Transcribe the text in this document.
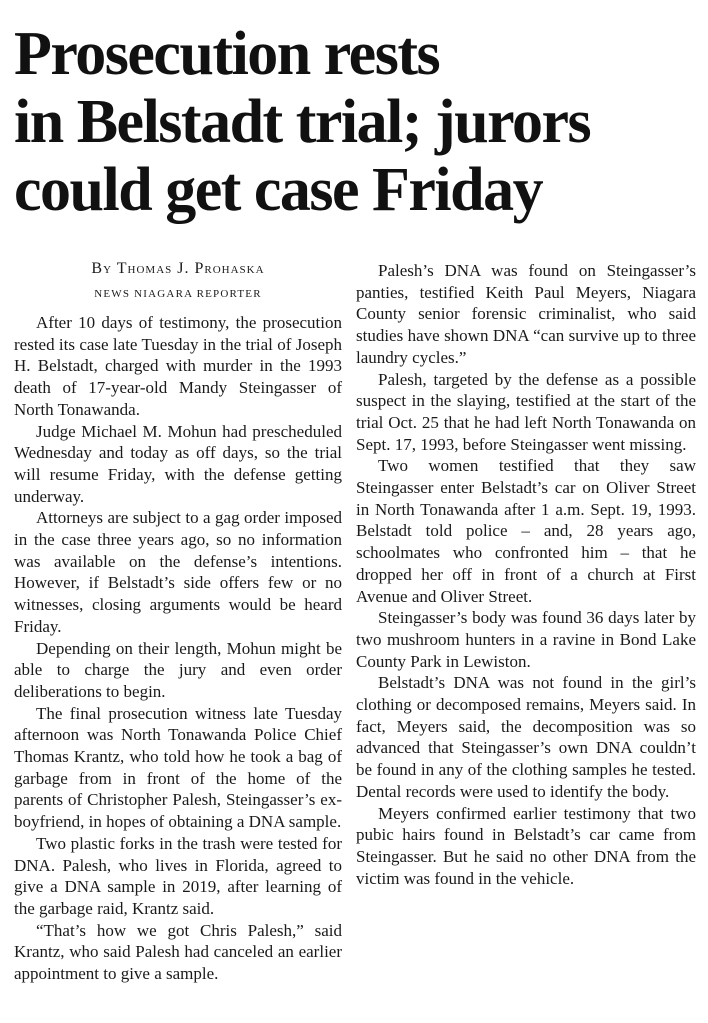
Prosecution rests
in Belstadt trial; jurors
could get case Friday

By Thomas J. Prohaska

NEWS NIAGARA REPORTER

After 10 days of testimony, the prosecution rested its case late Tuesday in the trial of Joseph H. Belstadt, charged with murder in the 1993 death of 17-year-old Mandy Steingasser of North Tonawanda.

Judge Michael M. Mohun had prescheduled Wednesday and today as off days, so the trial will resume Friday, with the defense getting underway.

Attorneys are subject to a gag order imposed in the case three years ago, so no information was available on the defense’s intentions. However, if Belstadt’s side offers few or no witnesses, closing arguments would be heard Friday.

Depending on their length, Mohun might be able to charge the jury and even order deliberations to begin.

The final prosecution witness late Tuesday afternoon was North Tonawanda Police Chief Thomas Krantz, who told how he took a bag of garbage from in front of the home of the parents of Christopher Palesh, Steingasser’s ex-boyfriend, in hopes of obtaining a DNA sample.

Two plastic forks in the trash were tested for DNA. Palesh, who lives in Florida, agreed to give a DNA sample in 2019, after learning of the garbage raid, Krantz said.

“That’s how we got Chris Palesh,” said Krantz, who said Palesh had canceled an earlier appointment to give a sample.

Palesh’s DNA was found on Steingasser’s panties, testified Keith Paul Meyers, Niagara County senior forensic criminalist, who said studies have shown DNA “can survive up to three laundry cycles.”

Palesh, targeted by the defense as a possible suspect in the slaying, testified at the start of the trial Oct. 25 that he had left North Tonawanda on Sept. 17, 1993, before Steingasser went missing.

Two women testified that they saw Steingasser enter Belstadt’s car on Oliver Street in North Tonawanda after 1 a.m. Sept. 19, 1993. Belstadt told police – and, 28 years ago, schoolmates who confronted him – that he dropped her off in front of a church at First Avenue and Oliver Street.

Steingasser’s body was found 36 days later by two mushroom hunters in a ravine in Bond Lake County Park in Lewiston.

Belstadt’s DNA was not found in the girl’s clothing or decomposed remains, Meyers said. In fact, Meyers said, the decomposition was so advanced that Steingasser’s own DNA couldn’t be found in any of the clothing samples he tested. Dental records were used to identify the body.

Meyers confirmed earlier testimony that two pubic hairs found in Belstadt’s car came from Steingasser. But he said no other DNA from the victim was found in the vehicle.
